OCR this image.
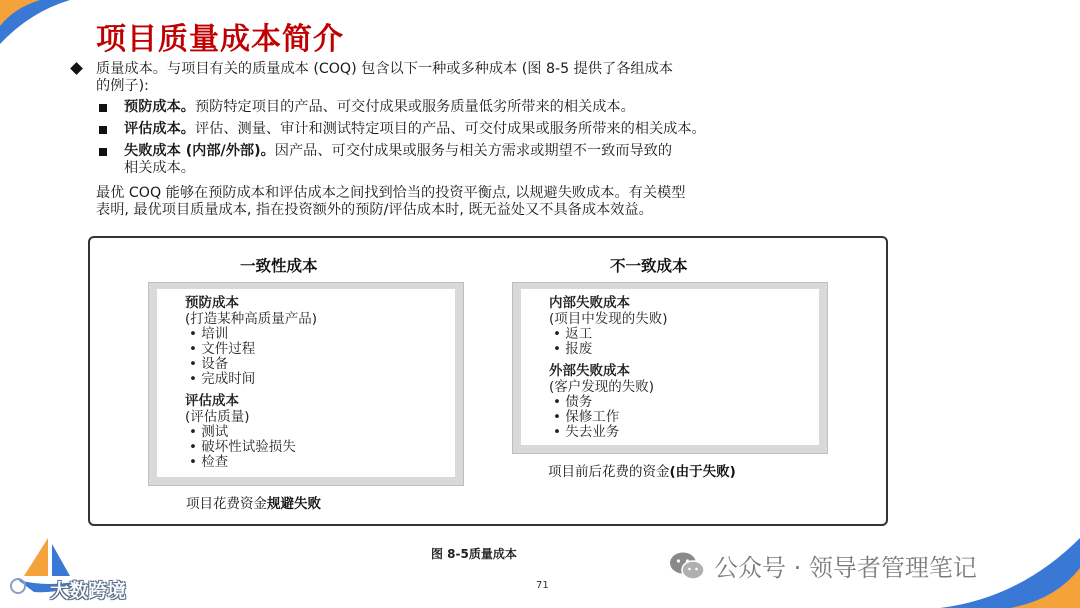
项目质量成本简介
质量成本。与项目有关的质量成本 (COQ) 包含以下一种或多种成本 (图 8-5 提供了各组成本
的例子):
预防成本。预防特定项目的产品、可交付成果或服务质量低劣所带来的相关成本。
评估成本。评估、测量、审计和测试特定项目的产品、可交付成果或服务所带来的相关成本。
失败成本 (内部/外部)。因产品、可交付成果或服务与相关方需求或期望不一致而导致的
相关成本。
最优 COQ 能够在预防成本和评估成本之间找到恰当的投资平衡点, 以规避失败成本。有关模型
表明, 最优项目质量成本, 指在投资额外的预防/评估成本时, 既无益处又不具备成本效益。
一致性成本	不一致成本
预防成本
(打造某种高质量产品)
• 培训
• 文件过程
• 设备
• 完成时间
评估成本
(评估质量)
• 测试
• 破坏性试验损失
• 检查
项目花费资金规避失败
内部失败成本
(项目中发现的失败)
• 返工
• 报废
外部失败成本
(客户发现的失败)
• 债务
• 保修工作
• 失去业务
项目前后花费的资金(由于失败)
图 8-5质量成本
71
公众号 · 领导者管理笔记
大数跨境
